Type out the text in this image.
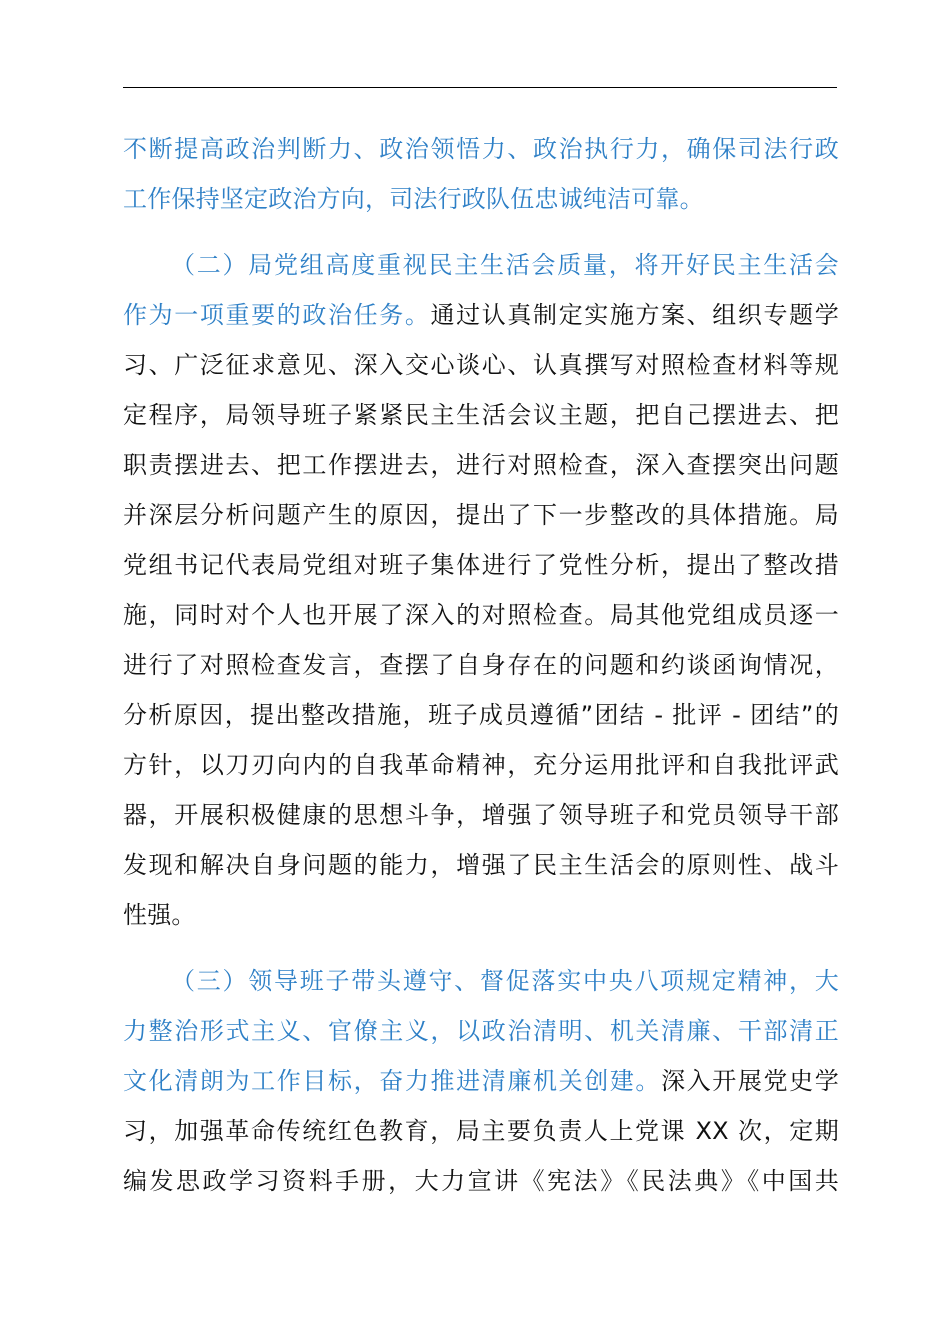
不断提高政治判断力、政治领悟力、政治执行力，确保司法行政
工作保持坚定政治方向，司法行政队伍忠诚纯洁可靠。
（二）局党组高度重视民主生活会质量，将开好民主生活会
作为一项重要的政治任务。通过认真制定实施方案、组织专题学
习、广泛征求意见、深入交心谈心、认真撰写对照检查材料等规
定程序，局领导班子紧紧民主生活会议主题，把自己摆进去、把
职责摆进去、把工作摆进去，进行对照检查，深入查摆突出问题
并深层分析问题产生的原因，提出了下一步整改的具体措施。局
党组书记代表局党组对班子集体进行了党性分析，提出了整改措
施，同时对个人也开展了深入的对照检查。局其他党组成员逐一
进行了对照检查发言，查摆了自身存在的问题和约谈函询情况，
分析原因，提出整改措施，班子成员遵循”团结 - 批评 - 团结”的
方针，以刀刃向内的自我革命精神，充分运用批评和自我批评武
器，开展积极健康的思想斗争，增强了领导班子和党员领导干部
发现和解决自身问题的能力，增强了民主生活会的原则性、战斗
性强。
（三）领导班子带头遵守、督促落实中央八项规定精神，大
力整治形式主义、官僚主义，以政治清明、机关清廉、干部清正
文化清朗为工作目标，奋力推进清廉机关创建。深入开展党史学
习，加强革命传统红色教育，局主要负责人上党课 XX 次，定期
编发思政学习资料手册，大力宣讲《宪法》《民法典》《中国共
